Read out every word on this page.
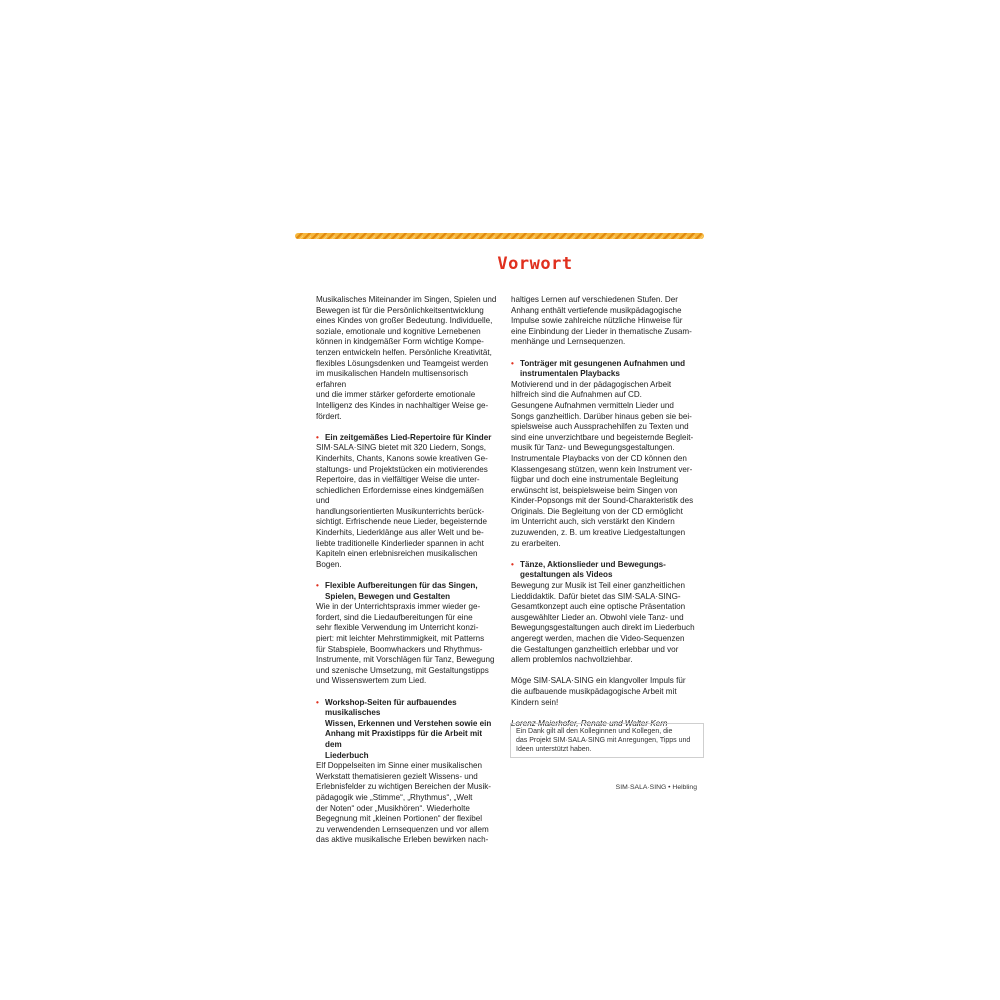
Vorwort

Musikalisches Miteinander im Singen, Spielen und

Bewegen ist für die Persönlichkeitsentwicklung

eines Kindes von großer Bedeutung. Individuelle,

soziale, emotionale und kognitive Lernebenen

können in kindgemäßer Form wichtige Kompe-

tenzen entwickeln helfen. Persönliche Kreativität,

flexibles Lösungsdenken und Teamgeist werden

im musikalischen Handeln multisensorisch erfahren

und die immer stärker geforderte emotionale

Intelligenz des Kindes in nachhaltiger Weise ge-

fördert.

• Ein zeitgemäßes Lied-Repertoire für Kinder

SIM·SALA·SING bietet mit 320 Liedern, Songs,

Kinderhits, Chants, Kanons sowie kreativen Ge-

staltungs- und Projektstücken ein motivierendes

Repertoire, das in vielfältiger Weise die unter-

schiedlichen Erfordernisse eines kindgemäßen und

handlungsorientierten Musikunterrichts berück-

sichtigt. Erfrischende neue Lieder, begeisternde

Kinderhits, Liederklänge aus aller Welt und be-

liebte traditionelle Kinderlieder spannen in acht

Kapiteln einen erlebnisreichen musikalischen

Bogen.

• Flexible Aufbereitungen für das Singen,

Spielen, Bewegen und Gestalten

Wie in der Unterrichtspraxis immer wieder ge-

fordert, sind die Liedaufbereitungen für eine

sehr flexible Verwendung im Unterricht konzi-

piert: mit leichter Mehrstimmigkeit, mit Patterns

für Stabspiele, Boomwhackers und Rhythmus-

Instrumente, mit Vorschlägen für Tanz, Bewegung

und szenische Umsetzung, mit Gestaltungstipps

und Wissenswertem zum Lied.

• Workshop-Seiten für aufbauendes musikalisches

Wissen, Erkennen und Verstehen sowie ein

Anhang mit Praxistipps für die Arbeit mit dem

Liederbuch

Elf Doppelseiten im Sinne einer musikalischen

Werkstatt thematisieren gezielt Wissens- und

Erlebnisfelder zu wichtigen Bereichen der Musik-

pädagogik wie „Stimme“, „Rhythmus“, „Welt

der Noten“ oder „Musikhören“. Wiederholte

Begegnung mit „kleinen Portionen“ der flexibel

zu verwendenden Lernsequenzen und vor allem

das aktive musikalische Erleben bewirken nach-

haltiges Lernen auf verschiedenen Stufen. Der

Anhang enthält vertiefende musikpädagogische

Impulse sowie zahlreiche nützliche Hinweise für

eine Einbindung der Lieder in thematische Zusam-

menhänge und Lernsequenzen.

• Tonträger mit gesungenen Aufnahmen und

instrumentalen Playbacks

Motivierend und in der pädagogischen Arbeit

hilfreich sind die Aufnahmen auf CD.

Gesungene Aufnahmen vermitteln Lieder und

Songs ganzheitlich. Darüber hinaus geben sie bei-

spielsweise auch Aussprachehilfen zu Texten und

sind eine unverzichtbare und begeisternde Begleit-

musik für Tanz- und Bewegungsgestaltungen.

Instrumentale Playbacks von der CD können den

Klassengesang stützen, wenn kein Instrument ver-

fügbar und doch eine instrumentale Begleitung

erwünscht ist, beispielsweise beim Singen von

Kinder-Popsongs mit der Sound-Charakteristik des

Originals. Die Begleitung von der CD ermöglicht

im Unterricht auch, sich verstärkt den Kindern

zuzuwenden, z. B. um kreative Liedgestaltungen

zu erarbeiten.

• Tänze, Aktionslieder und Bewegungs-

gestaltungen als Videos

Bewegung zur Musik ist Teil einer ganzheitlichen

Lieddidaktik. Dafür bietet das SIM·SALA·SING-

Gesamtkonzept auch eine optische Präsentation

ausgewählter Lieder an. Obwohl viele Tanz- und

Bewegungsgestaltungen auch direkt im Liederbuch

angeregt werden, machen die Video-Sequenzen

die Gestaltungen ganzheitlich erlebbar und vor

allem problemlos nachvollziehbar.

Möge SIM·SALA·SING ein klangvoller Impuls für

die aufbauende musikpädagogische Arbeit mit

Kindern sein!

Lorenz Maierhofer, Renate und Walter Kern

Ein Dank gilt all den Kolleginnen und Kollegen, die

das Projekt SIM·SALA·SING mit Anregungen, Tipps und

Ideen unterstützt haben.

SIM·SALA·SING • Helbling
